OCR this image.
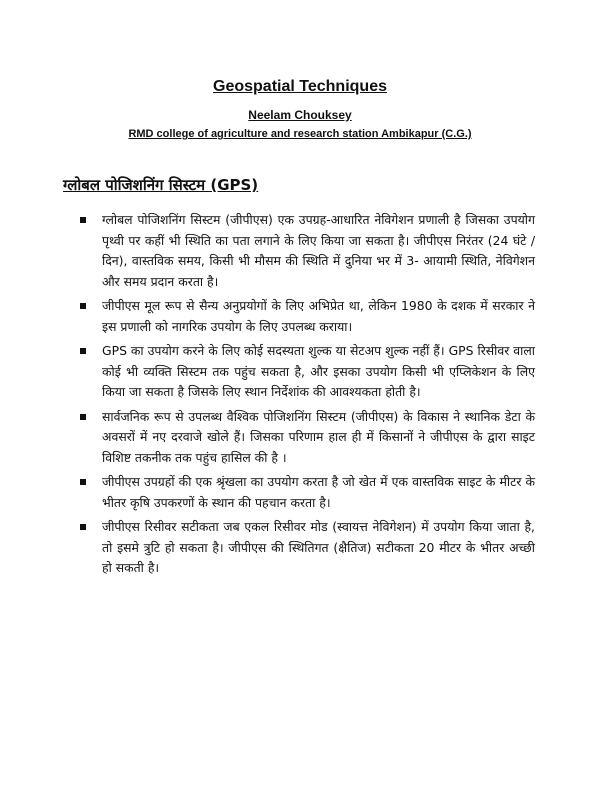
Geospatial Techniques
Neelam Chouksey
RMD college of agriculture and research station Ambikapur (C.G.)
ग्लोबल पोजिशनिंग सिस्टम (GPS)
ग्लोबल पोजिशनिंग सिस्टम (जीपीएस) एक उपग्रह-आधारित नेविगेशन प्रणाली है जिसका उपयोग पृथ्वी पर कहीं भी स्थिति का पता लगाने के लिए किया जा सकता है। जीपीएस निरंतर (24 घंटे / दिन), वास्तविक समय, किसी भी मौसम की स्थिति में दुनिया भर में 3- आयामी स्थिति, नेविगेशन और समय प्रदान करता है।
जीपीएस मूल रूप से सैन्य अनुप्रयोगों के लिए अभिप्रेत था, लेकिन 1980 के दशक में सरकार ने इस प्रणाली को नागरिक उपयोग के लिए उपलब्ध कराया।
GPS का उपयोग करने के लिए कोई सदस्यता शुल्क या सेटअप शुल्क नहीं हैं। GPS रिसीवर वाला कोई भी व्यक्ति सिस्टम तक पहुंच सकता है, और इसका उपयोग किसी भी एप्लिकेशन के लिए किया जा सकता है जिसके लिए स्थान निर्देशांक की आवश्यकता होती है।
सार्वजनिक रूप से उपलब्ध वैश्विक पोजिशनिंग सिस्टम (जीपीएस) के विकास ने स्थानिक डेटा के अवसरों में नए दरवाजे खोले हैं। जिसका परिणाम हाल ही में किसानों ने जीपीएस के द्वारा साइट विशिष्ट तकनीक तक पहुंच हासिल की है ।
जीपीएस उपग्रहों की एक श्रृंखला का उपयोग करता है जो खेत में एक वास्तविक साइट के मीटर के भीतर कृषि उपकरणों के स्थान की पहचान करता है।
जीपीएस रिसीवर सटीकता जब एकल रिसीवर मोड (स्वायत्त नेविगेशन) में उपयोग किया जाता है, तो इसमे त्रुटि हो सकता है। जीपीएस की स्थितिगत (क्षैतिज) सटीकता 20 मीटर के भीतर अच्छी हो सकती है।
